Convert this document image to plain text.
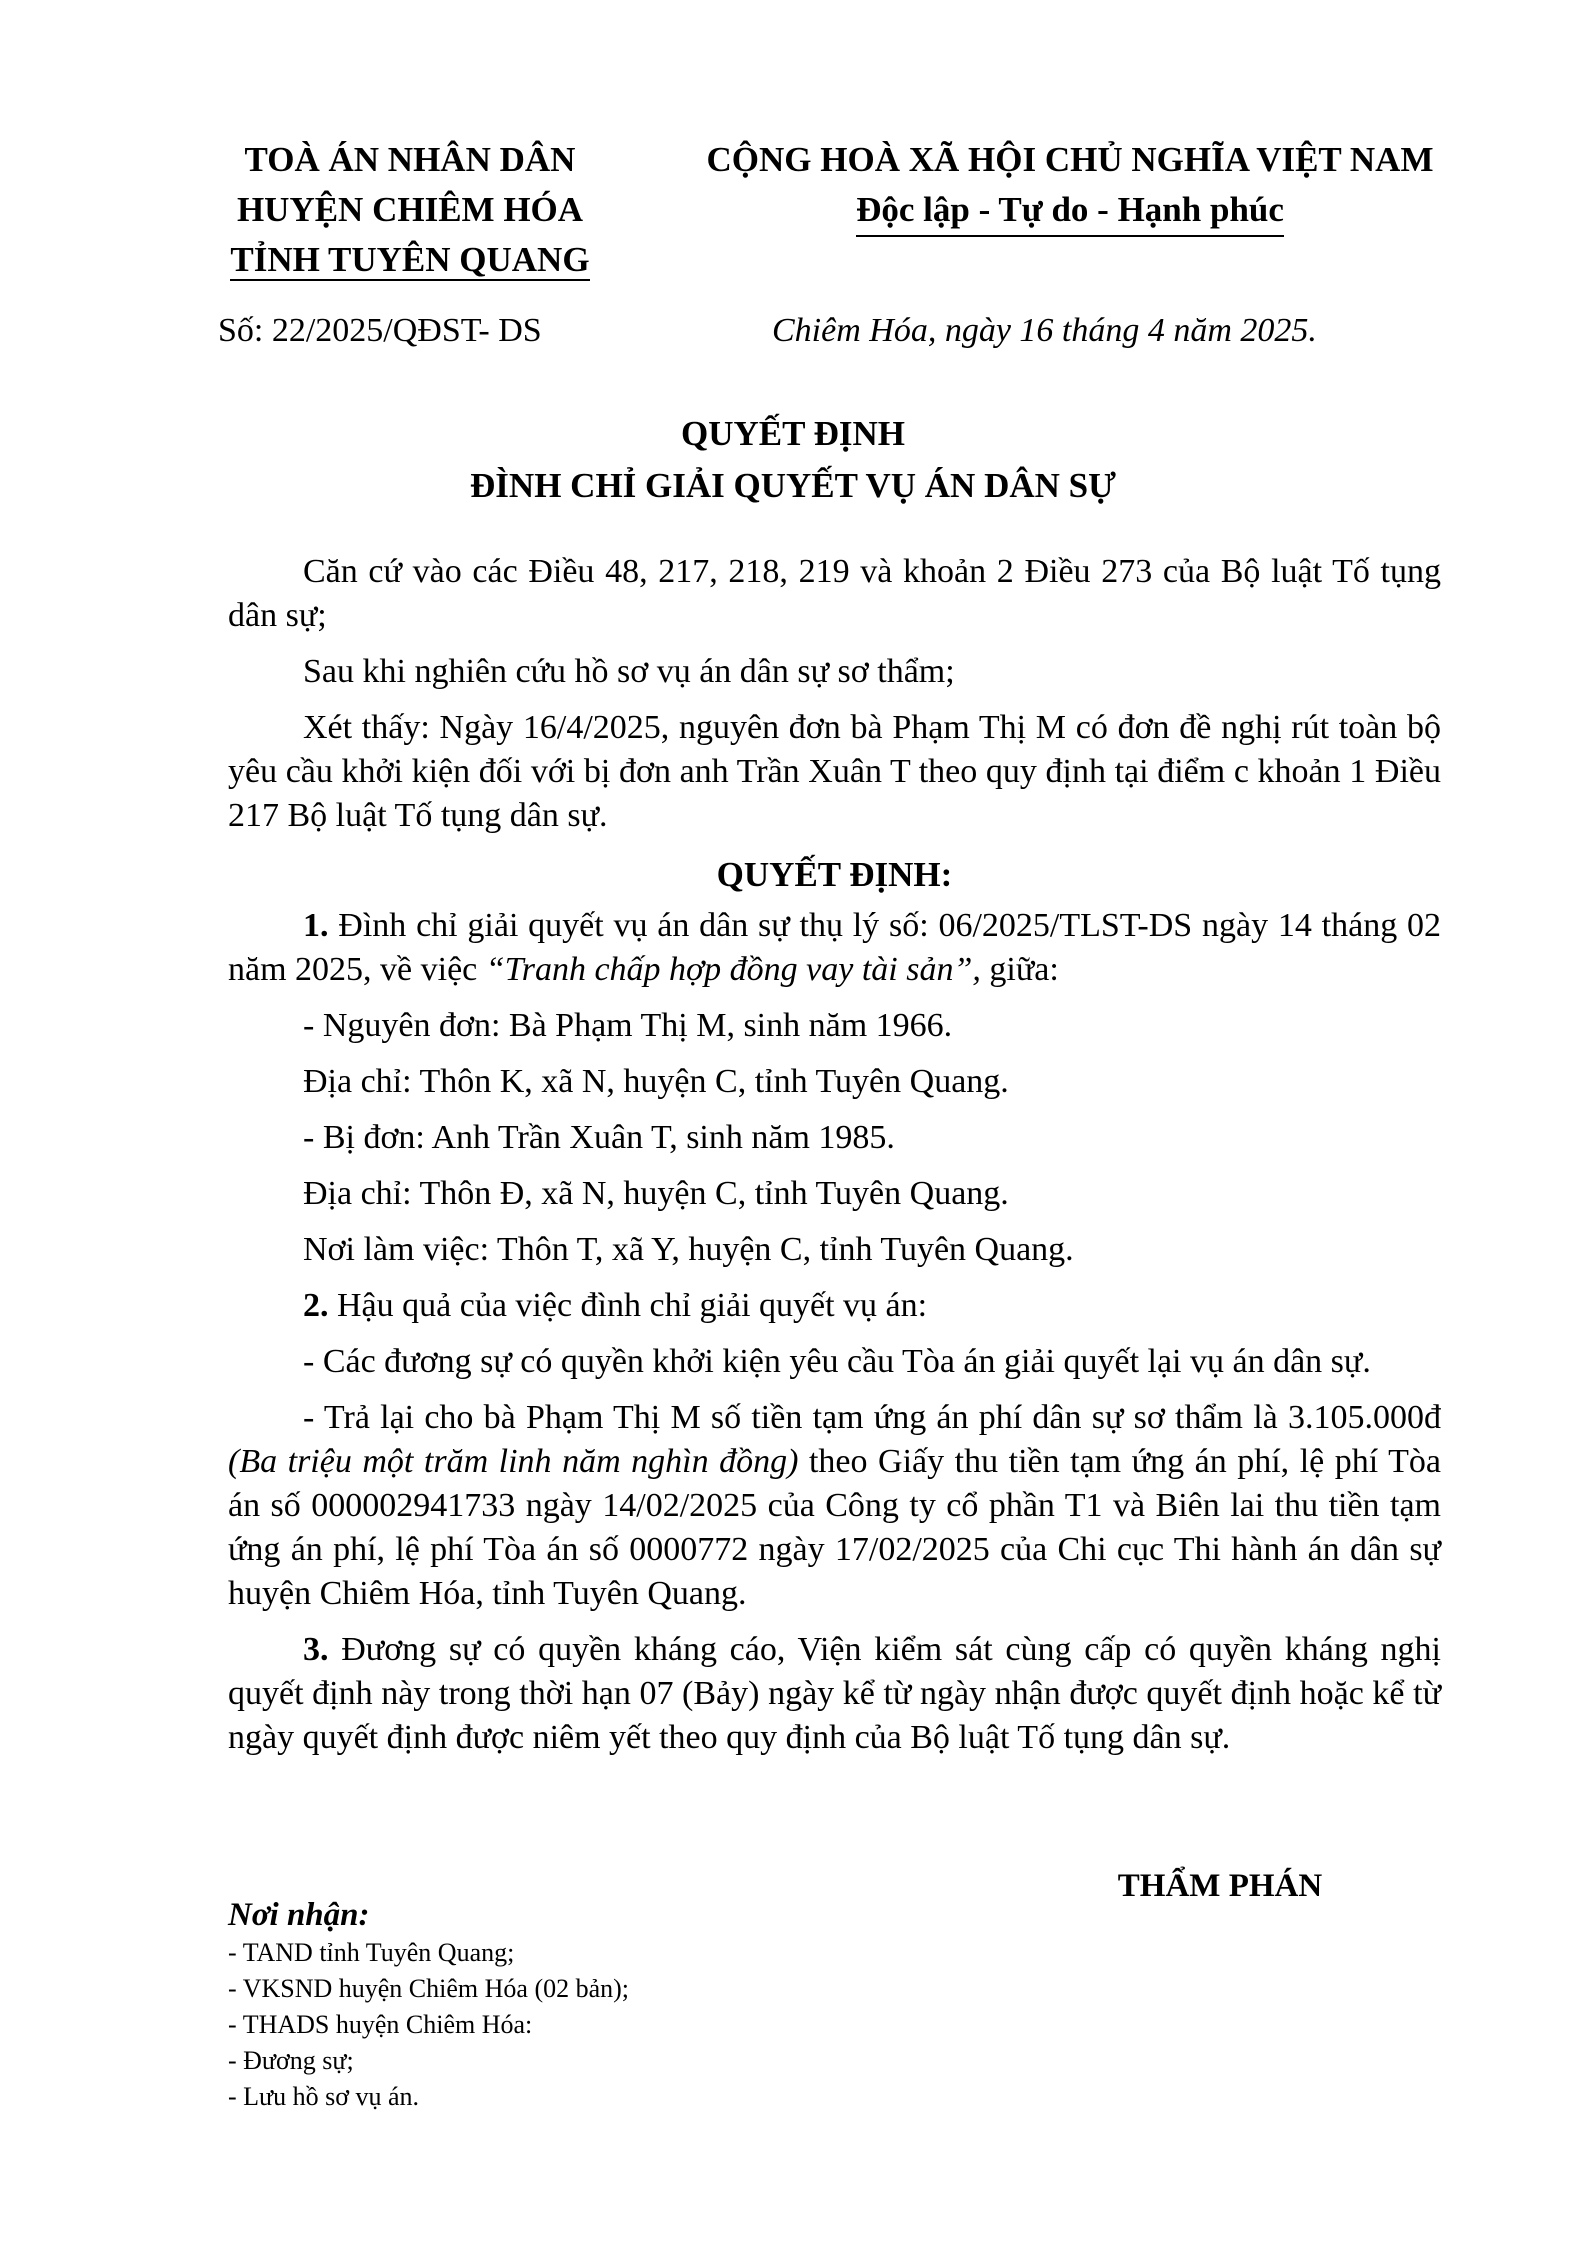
TOÀ ÁN NHÂN DÂN
HUYỆN CHIÊM HÓA
TỈNH TUYÊN QUANG
CỘNG HOÀ XÃ HỘI CHỦ NGHĨA VIỆT NAM
Độc lập - Tự do - Hạnh phúc
Số: 22/2025/QĐST- DS	Chiêm Hóa, ngày 16 tháng 4 năm 2025.
QUYẾT ĐỊNH
ĐÌNH CHỈ GIẢI QUYẾT VỤ ÁN DÂN SỰ

Căn cứ vào các Điều 48, 217, 218, 219 và khoản 2 Điều 273 của Bộ luật Tố tụng dân sự;

Sau khi nghiên cứu hồ sơ vụ án dân sự sơ thẩm;

Xét thấy: Ngày 16/4/2025, nguyên đơn bà Phạm Thị M có đơn đề nghị rút toàn bộ yêu cầu khởi kiện đối với bị đơn anh Trần Xuân T theo quy định tại điểm c khoản 1 Điều 217 Bộ luật Tố tụng dân sự.

QUYẾT ĐỊNH:

1. Đình chỉ giải quyết vụ án dân sự thụ lý số: 06/2025/TLST-DS ngày 14 tháng 02 năm 2025, về việc “Tranh chấp hợp đồng vay tài sản”, giữa:

- Nguyên đơn: Bà Phạm Thị M, sinh năm 1966.

Địa chỉ: Thôn K, xã N, huyện C, tỉnh Tuyên Quang.

- Bị đơn: Anh Trần Xuân T, sinh năm 1985.

Địa chỉ: Thôn Đ, xã N, huyện C, tỉnh Tuyên Quang.

Nơi làm việc: Thôn T, xã Y, huyện C, tỉnh Tuyên Quang.

2. Hậu quả của việc đình chỉ giải quyết vụ án:

- Các đương sự có quyền khởi kiện yêu cầu Tòa án giải quyết lại vụ án dân sự.

- Trả lại cho bà Phạm Thị M số tiền tạm ứng án phí dân sự sơ thẩm là 3.105.000đ (Ba triệu một trăm linh năm nghìn đồng) theo Giấy thu tiền tạm ứng án phí, lệ phí Tòa án số 000002941733 ngày 14/02/2025 của Công ty cổ phần T1 và Biên lai thu tiền tạm ứng án phí, lệ phí Tòa án số 0000772 ngày 17/02/2025 của Chi cục Thi hành án dân sự huyện Chiêm Hóa, tỉnh Tuyên Quang.

3. Đương sự có quyền kháng cáo, Viện kiểm sát cùng cấp có quyền kháng nghị quyết định này trong thời hạn 07 (Bảy) ngày kể từ ngày nhận được quyết định hoặc kể từ ngày quyết định được niêm yết theo quy định của Bộ luật Tố tụng dân sự.

THẨM PHÁN
Nơi nhận:
- TAND tỉnh Tuyên Quang;
- VKSND huyện Chiêm Hóa (02 bản);
- THADS huyện Chiêm Hóa:
- Đương sự;
- Lưu hồ sơ vụ án.
